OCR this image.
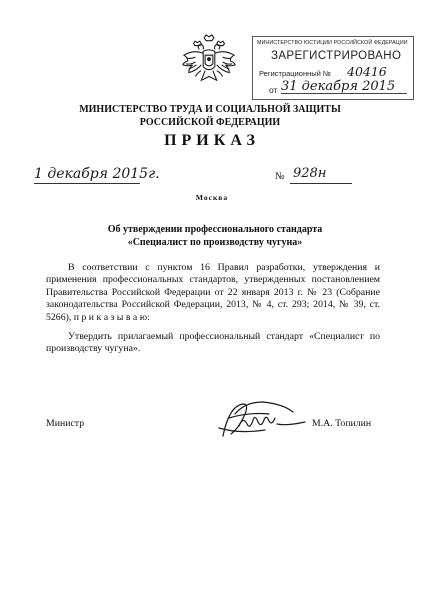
МИНИСТЕРСТВО ЮСТИЦИИ РОССИЙСКОЙ ФЕДЕРАЦИИ
ЗАРЕГИСТРИРОВАНО
Регистрационный № 40416
от 31 декабря 2015
МИНИСТЕРСТВО ТРУДА И СОЦИАЛЬНОЙ ЗАЩИТЫ
РОССИЙСКОЙ ФЕДЕРАЦИИ
ПРИКАЗ
1 декабря 2015г.	№ 928н
Москва
Об утверждении профессионального стандарта
«Специалист по производству чугуна»
В соответствии с пунктом 16 Правил разработки, утверждения и применения профессиональных стандартов, утвержденных постановлением Правительства Российской Федерации от 22 января 2013 г. № 23 (Собрание законодательства Российской Федерации, 2013, № 4, ст. 293; 2014, № 39, ст. 5266), п р и к а з ы в а ю:
Утвердить прилагаемый профессиональный стандарт «Специалист по производству чугуна».
Министр	М.А. Топилин
